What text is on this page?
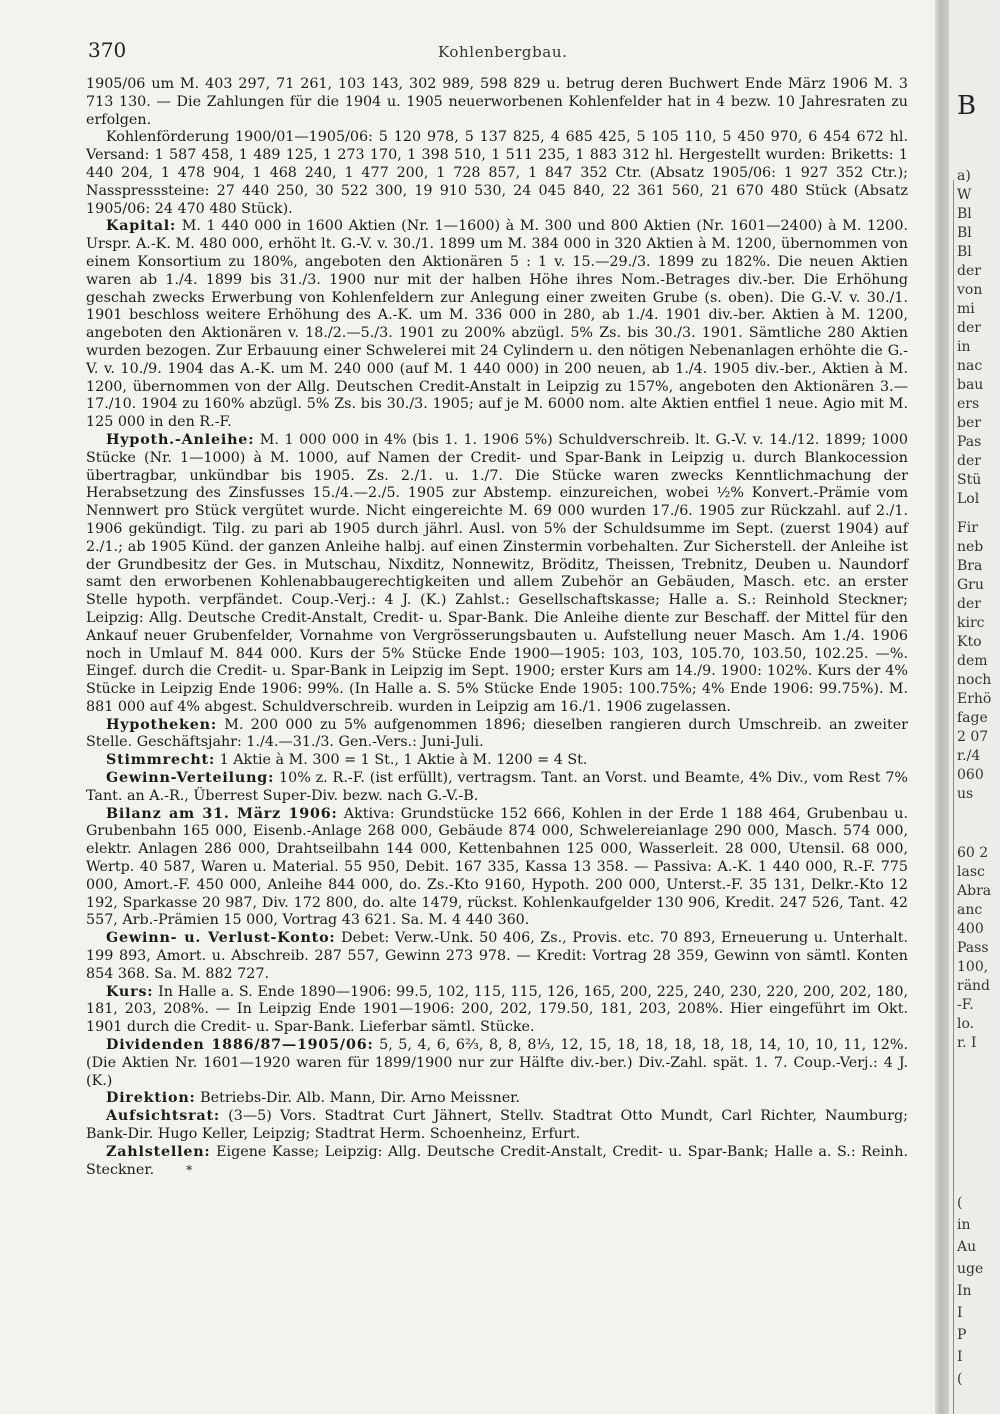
370	Kohlenbergbau.

1905/06 um M. 403 297, 71 261, 103 143, 302 989, 598 829 u. betrug deren Buchwert Ende März 1906 M. 3 713 130. — Die Zahlungen für die 1904 u. 1905 neuerworbenen Kohlenfelder hat in 4 bezw. 10 Jahresraten zu erfolgen.

Kohlenförderung 1900/01—1905/06: 5 120 978, 5 137 825, 4 685 425, 5 105 110, 5 450 970, 6 454 672 hl. Versand: 1 587 458, 1 489 125, 1 273 170, 1 398 510, 1 511 235, 1 883 312 hl. Hergestellt wurden: Briketts: 1 440 204, 1 478 904, 1 468 240, 1 477 200, 1 728 857, 1 847 352 Ctr. (Absatz 1905/06: 1 927 352 Ctr.); Nasspresssteine: 27 440 250, 30 522 300, 19 910 530, 24 045 840, 22 361 560, 21 670 480 Stück (Absatz 1905/06: 24 470 480 Stück).

Kapital: M. 1 440 000 in 1600 Aktien (Nr. 1—1600) à M. 300 und 800 Aktien (Nr. 1601—2400) à M. 1200. Urspr. A.-K. M. 480 000, erhöht lt. G.-V. v. 30./1. 1899 um M. 384 000 in 320 Aktien à M. 1200, übernommen von einem Konsortium zu 180%, angeboten den Aktionären 5 : 1 v. 15.—29./3. 1899 zu 182%. Die neuen Aktien waren ab 1./4. 1899 bis 31./3. 1900 nur mit der halben Höhe ihres Nom.-Betrages div.-ber. Die Erhöhung geschah zwecks Erwerbung von Kohlenfeldern zur Anlegung einer zweiten Grube (s. oben). Die G.-V. v. 30./1. 1901 beschloss weitere Erhöhung des A.-K. um M. 336 000 in 280, ab 1./4. 1901 div.-ber. Aktien à M. 1200, angeboten den Aktionären v. 18./2.—5./3. 1901 zu 200% abzügl. 5% Zs. bis 30./3. 1901. Sämtliche 280 Aktien wurden bezogen. Zur Erbauung einer Schwelerei mit 24 Cylindern u. den nötigen Nebenanlagen erhöhte die G.-V. v. 10./9. 1904 das A.-K. um M. 240 000 (auf M. 1 440 000) in 200 neuen, ab 1./4. 1905 div.-ber., Aktien à M. 1200, übernommen von der Allg. Deutschen Credit-Anstalt in Leipzig zu 157%, angeboten den Aktionären 3.—17./10. 1904 zu 160% abzügl. 5% Zs. bis 30./3. 1905; auf je M. 6000 nom. alte Aktien entfiel 1 neue. Agio mit M. 125 000 in den R.-F.

Hypoth.-Anleihe: M. 1 000 000 in 4% (bis 1. 1. 1906 5%) Schuldverschreib. lt. G.-V. v. 14./12. 1899; 1000 Stücke (Nr. 1—1000) à M. 1000, auf Namen der Credit- und Spar-Bank in Leipzig u. durch Blankocession übertragbar, unkündbar bis 1905. Zs. 2./1. u. 1./7. Die Stücke waren zwecks Kenntlichmachung der Herabsetzung des Zinsfusses 15./4.—2./5. 1905 zur Abstemp. einzureichen, wobei ½% Konvert.-Prämie vom Nennwert pro Stück vergütet wurde. Nicht eingereichte M. 69 000 wurden 17./6. 1905 zur Rückzahl. auf 2./1. 1906 gekündigt. Tilg. zu pari ab 1905 durch jährl. Ausl. von 5% der Schuldsumme im Sept. (zuerst 1904) auf 2./1.; ab 1905 Künd. der ganzen Anleihe halbj. auf einen Zinstermin vorbehalten. Zur Sicherstell. der Anleihe ist der Grundbesitz der Ges. in Mutschau, Nixditz, Nonnewitz, Bröditz, Theissen, Trebnitz, Deuben u. Naundorf samt den erworbenen Kohlenabbaugerechtigkeiten und allem Zubehör an Gebäuden, Masch. etc. an erster Stelle hypoth. verpfändet. Coup.-Verj.: 4 J. (K.) Zahlst.: Gesellschaftskasse; Halle a. S.: Reinhold Steckner; Leipzig: Allg. Deutsche Credit-Anstalt, Credit- u. Spar-Bank. Die Anleihe diente zur Beschaff. der Mittel für den Ankauf neuer Grubenfelder, Vornahme von Vergrösserungsbauten u. Aufstellung neuer Masch. Am 1./4. 1906 noch in Umlauf M. 844 000. Kurs der 5% Stücke Ende 1900—1905: 103, 103, 105.70, 103.50, 102.25. —%. Eingef. durch die Credit- u. Spar-Bank in Leipzig im Sept. 1900; erster Kurs am 14./9. 1900: 102%. Kurs der 4% Stücke in Leipzig Ende 1906: 99%. (In Halle a. S. 5% Stücke Ende 1905: 100.75%; 4% Ende 1906: 99.75%). M. 881 000 auf 4% abgest. Schuldverschreib. wurden in Leipzig am 16./1. 1906 zugelassen.

Hypotheken: M. 200 000 zu 5% aufgenommen 1896; dieselben rangieren durch Umschreib. an zweiter Stelle. Geschäftsjahr: 1./4.—31./3. Gen.-Vers.: Juni-Juli.

Stimmrecht: 1 Aktie à M. 300 = 1 St., 1 Aktie à M. 1200 = 4 St.

Gewinn-Verteilung: 10% z. R.-F. (ist erfüllt), vertragsm. Tant. an Vorst. und Beamte, 4% Div., vom Rest 7% Tant. an A.-R., Überrest Super-Div. bezw. nach G.-V.-B.

Bilanz am 31. März 1906: Aktiva: Grundstücke 152 666, Kohlen in der Erde 1 188 464, Grubenbau u. Grubenbahn 165 000, Eisenb.-Anlage 268 000, Gebäude 874 000, Schwelereianlage 290 000, Masch. 574 000, elektr. Anlagen 286 000, Drahtseilbahn 144 000, Kettenbahnen 125 000, Wasserleit. 28 000, Utensil. 68 000, Wertp. 40 587, Waren u. Material. 55 950, Debit. 167 335, Kassa 13 358. — Passiva: A.-K. 1 440 000, R.-F. 775 000, Amort.-F. 450 000, Anleihe 844 000, do. Zs.-Kto 9160, Hypoth. 200 000, Unterst.-F. 35 131, Delkr.-Kto 12 192, Sparkasse 20 987, Div. 172 800, do. alte 1479, rückst. Kohlenkaufgelder 130 906, Kredit. 247 526, Tant. 42 557, Arb.-Prämien 15 000, Vortrag 43 621. Sa. M. 4 440 360.

Gewinn- u. Verlust-Konto: Debet: Verw.-Unk. 50 406, Zs., Provis. etc. 70 893, Erneuerung u. Unterhalt. 199 893, Amort. u. Abschreib. 287 557, Gewinn 273 978. — Kredit: Vortrag 28 359, Gewinn von sämtl. Konten 854 368. Sa. M. 882 727.

Kurs: In Halle a. S. Ende 1890—1906: 99.5, 102, 115, 115, 126, 165, 200, 225, 240, 230, 220, 200, 202, 180, 181, 203, 208%. — In Leipzig Ende 1901—1906: 200, 202, 179.50, 181, 203, 208%. Hier eingeführt im Okt. 1901 durch die Credit- u. Spar-Bank. Lieferbar sämtl. Stücke.

Dividenden 1886/87—1905/06: 5, 5, 4, 6, 6⅔, 8, 8, 8⅓, 12, 15, 18, 18, 18, 18, 18, 14, 10, 10, 11, 12%. (Die Aktien Nr. 1601—1920 waren für 1899/1900 nur zur Hälfte div.-ber.) Div.-Zahl. spät. 1. 7. Coup.-Verj.: 4 J. (K.)

Direktion: Betriebs-Dir. Alb. Mann, Dir. Arno Meissner.

Aufsichtsrat: (3—5) Vors. Stadtrat Curt Jähnert, Stellv. Stadtrat Otto Mundt, Carl Richter, Naumburg; Bank-Dir. Hugo Keller, Leipzig; Stadtrat Herm. Schoenheinz, Erfurt.

Zahlstellen: Eigene Kasse; Leipzig: Allg. Deutsche Credit-Anstalt, Credit- u. Spar-Bank; Halle a. S.: Reinh. Steckner.	*

B
a)
W
Bl
Bl
Bl
der
von
mi
der
in
nac
bau
ers
ber
Pas
der
Stü
Lol
Fir
neb
Bra
Gru
der
kirc
Kto
dem
noch
Erhö
fage
2 07
r./4
060
us
60 2
lasc
Abra
anc
400
Pass
100,
ränd
-F.
lo.
r. I
(
in
Au
uge
In
I
P
I
(
